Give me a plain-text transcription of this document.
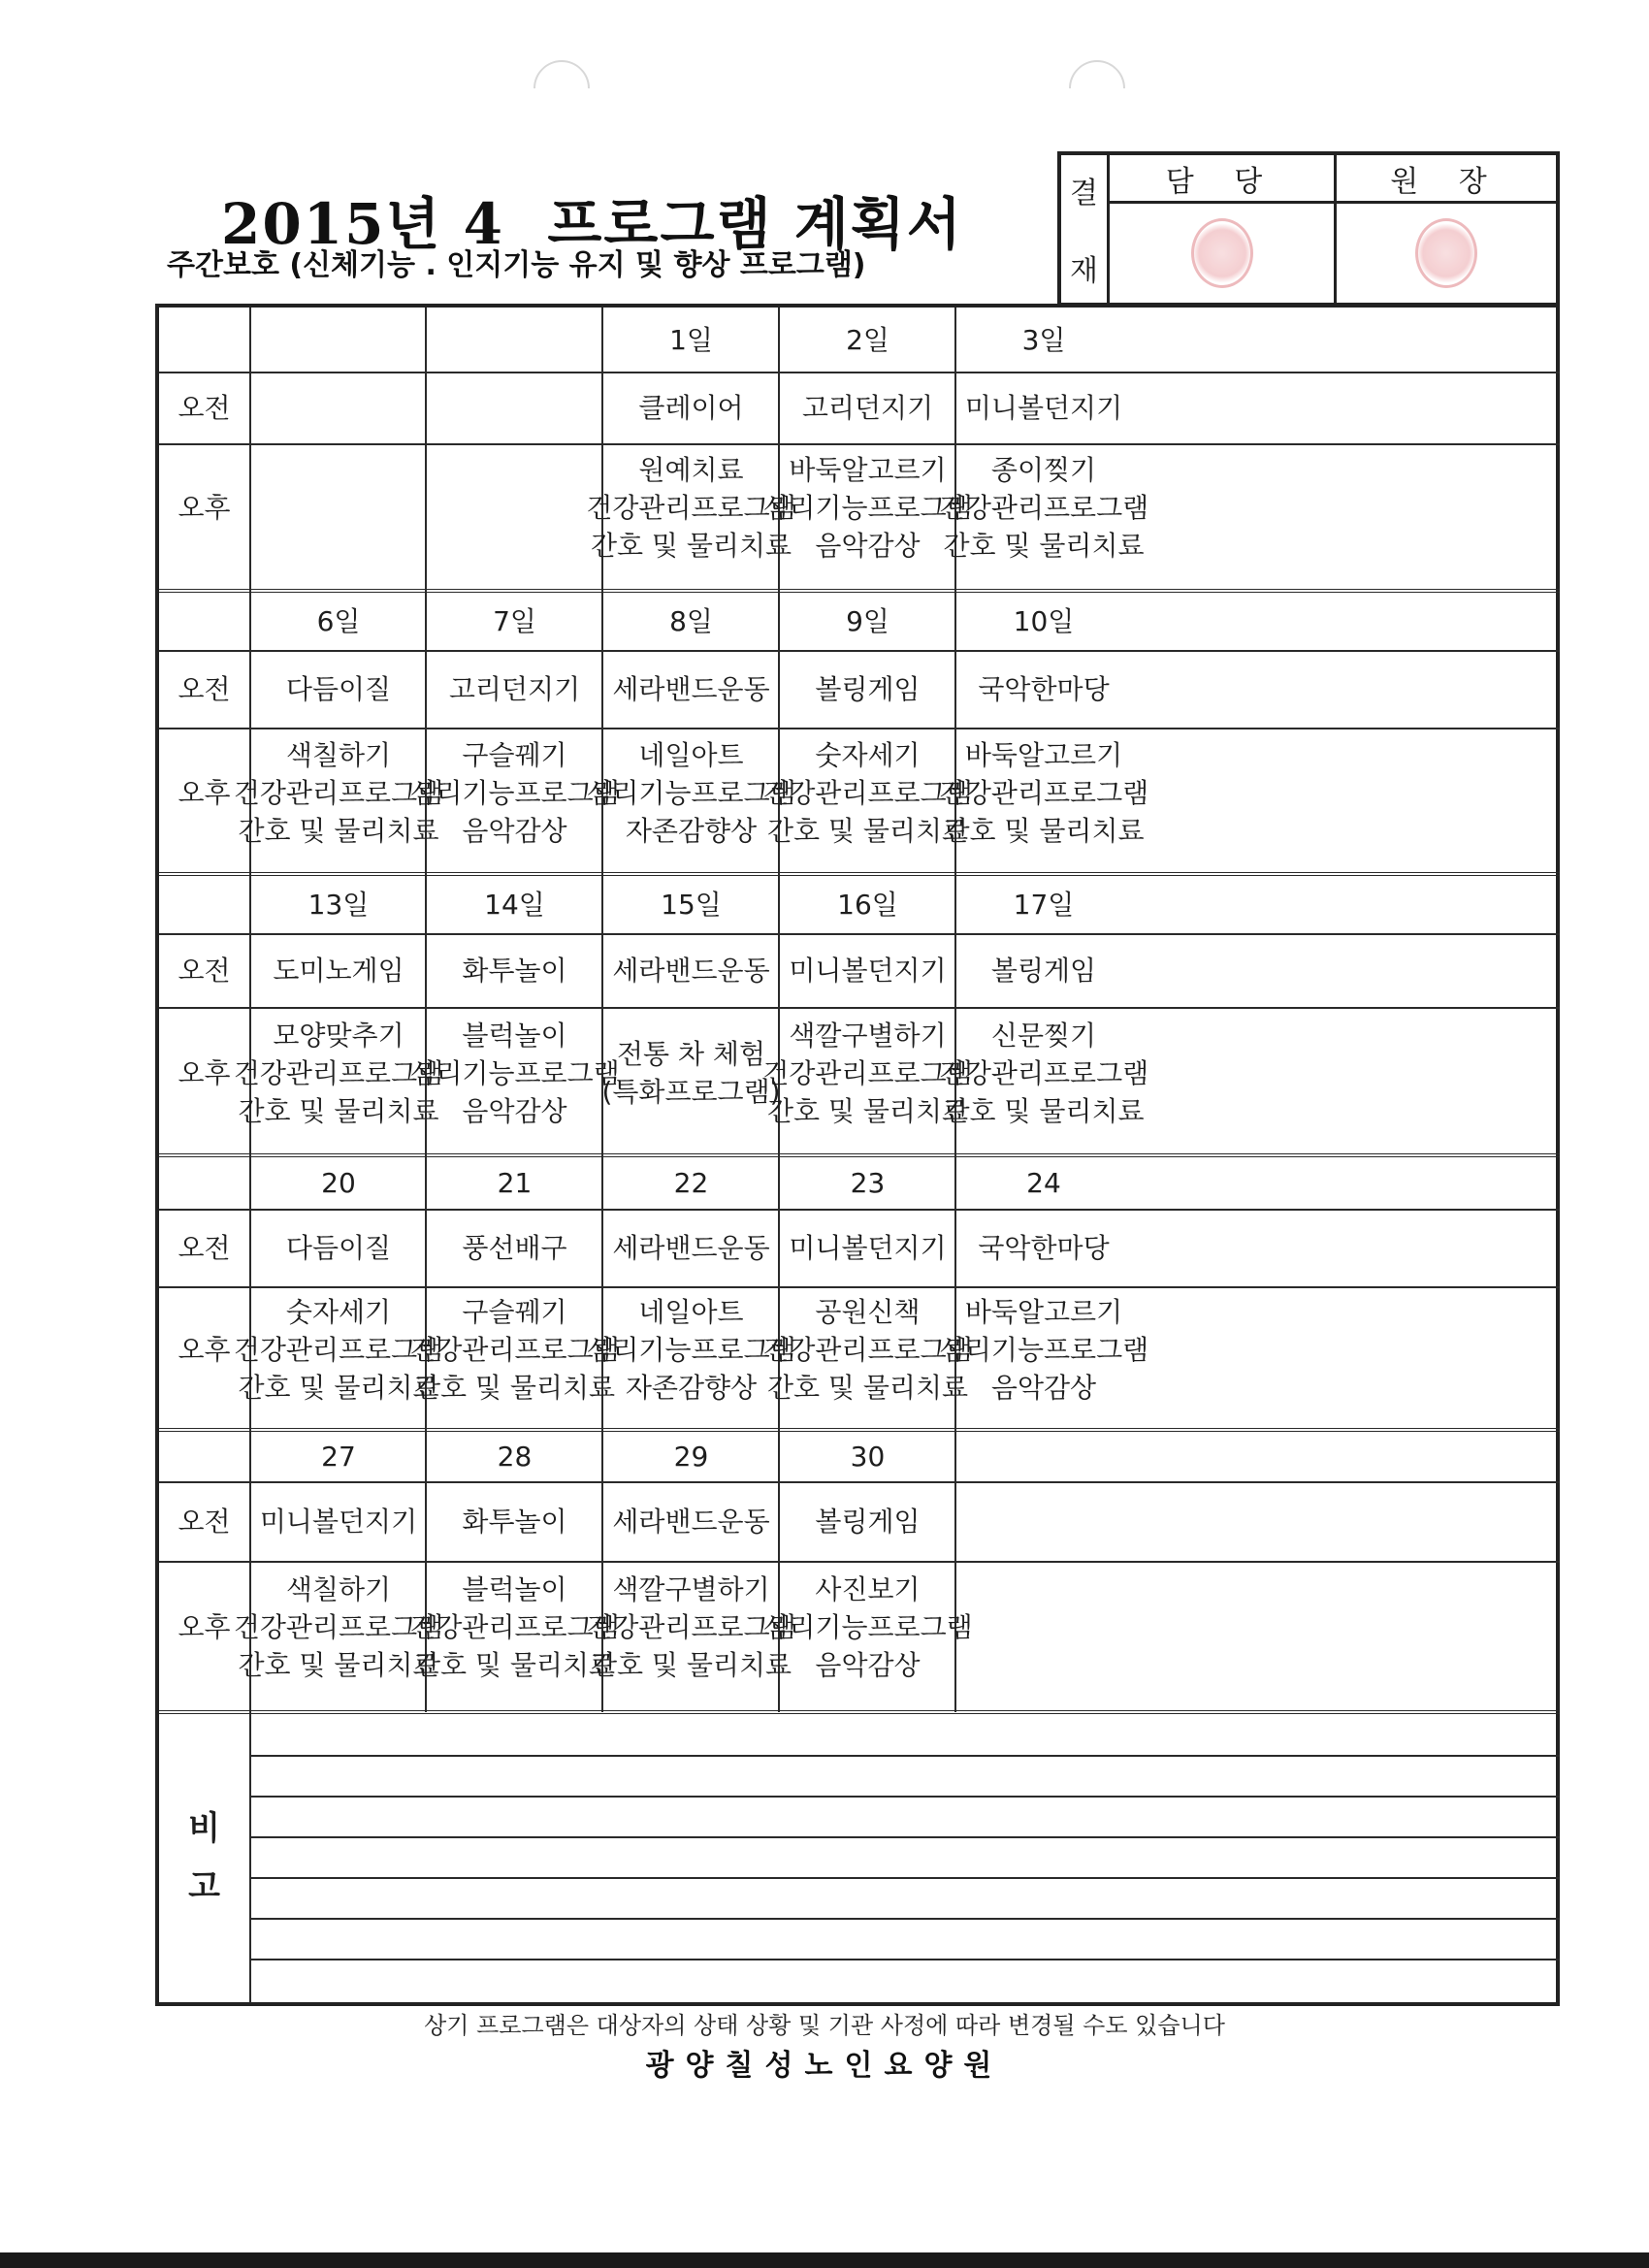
2015년 4  프로그램 계획서
주간보호 (신체기능 . 인지기능 유지 및 향상 프로그램)
결
재
담 당	원 장
오전
오후
1일
클레이어
원예치료
건강관리프로그램
간호 및 물리치료
2일
고리던지기
바둑알고르기
심리기능프로그램
음악감상
3일
미니볼던지기
종이찢기
건강관리프로그램
간호 및 물리치료
오전
오후
6일
다듬이질
색칠하기
건강관리프로그램
간호 및 물리치료
7일
고리던지기
구슬꿰기
심리기능프로그램
음악감상
8일
세라밴드운동
네일아트
심리기능프로그램
자존감향상
9일
볼링게임
숫자세기
건강관리프로그램
간호 및 물리치료
10일
국악한마당
바둑알고르기
건강관리프로그램
간호 및 물리치료
오전
오후
13일
도미노게임
모양맞추기
건강관리프로그램
간호 및 물리치료
14일
화투놀이
블럭놀이
심리기능프로그램
음악감상
15일
세라밴드운동
전통 차 체험
(특화프로그램)
16일
미니볼던지기
색깔구별하기
건강관리프로그램
간호 및 물리치료
17일
볼링게임
신문찢기
건강관리프로그램
간호 및 물리치료
오전
오후
20
다듬이질
숫자세기
건강관리프로그램
간호 및 물리치료
21
풍선배구
구슬꿰기
건강관리프로그램
간호 및 물리치료
22
세라밴드운동
네일아트
심리기능프로그램
자존감향상
23
미니볼던지기
공원신책
건강관리프로그램
간호 및 물리치료
24
국악한마당
바둑알고르기
심리기능프로그램
음악감상
오전
오후
27
미니볼던지기
색칠하기
건강관리프로그램
간호 및 물리치료
28
화투놀이
블럭놀이
건강관리프로그램
간호 및 물리치료
29
세라밴드운동
색깔구별하기
건강관리프로그램
간호 및 물리치료
30
볼링게임
사진보기
심리기능프로그램
음악감상
비
고
상기 프로그램은 대상자의 상태 상황 및 기관 사정에 따라 변경될 수도 있습니다
광양칠성노인요양원
